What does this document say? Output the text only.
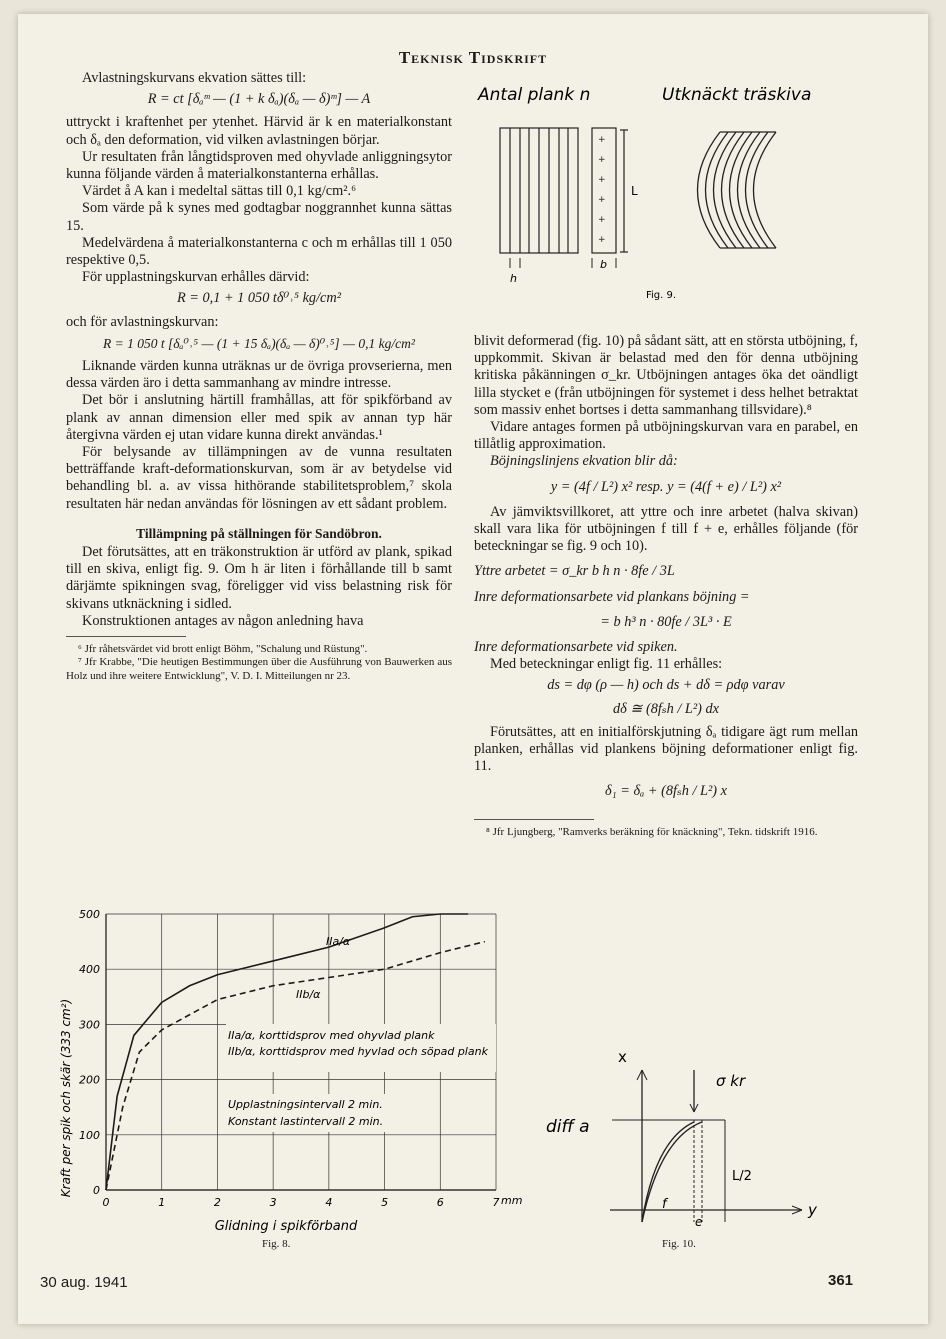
Teknisk Tidskrift

Avlastningskurvans ekvation sättes till:

R = ct [δₐᵐ — (1 + k δₐ)(δₐ — δ)ᵐ] — A

uttryckt i kraftenhet per ytenhet. Härvid är k en materialkonstant och δₐ den deformation, vid vilken avlastningen börjar.

Ur resultaten från långtidsproven med ohyvlade anliggningsytor kunna följande värden å materialkonstanterna erhållas.

Värdet å A kan i medeltal sättas till 0,1 kg/cm².⁶

Som värde på k synes med godtagbar noggrannhet kunna sättas 15.

Medelvärdena å materialkonstanterna c och m erhållas till 1 050 respektive 0,5.

För upplastningskurvan erhålles därvid:

R = 0,1 + 1 050 tδ⁰˒⁵ kg/cm²

och för avlastningskurvan:

R = 1 050 t [δₐ⁰˒⁵ — (1 + 15 δₐ)(δₐ — δ)⁰˒⁵] — 0,1 kg/cm²

Liknande värden kunna uträknas ur de övriga provserierna, men dessa värden äro i detta sammanhang av mindre intresse.

Det bör i anslutning härtill framhållas, att för spikförband av plank av annan dimension eller med spik av annan typ här återgivna värden ej utan vidare kunna direkt användas.¹

För belysande av tillämpningen av de vunna resultaten betträffande kraft-deformationskurvan, som är av betydelse vid behandling bl. a. av vissa hithörande stabilitetsproblem,⁷ skola resultaten här nedan användas för lösningen av ett sådant problem.

Tillämpning på ställningen för Sandöbron.

Det förutsättes, att en träkonstruktion är utförd av plank, spikad till en skiva, enligt fig. 9. Om h är liten i förhållande till b samt därjämte spikningen svag, föreligger vid viss belastning risk för skivans utknäckning i sidled.

Konstruktionen antages av någon anledning hava

⁶ Jfr råhetsvärdet vid brott enligt Böhm, "Schalung und Rüstung".

⁷ Jfr Krabbe, "Die heutigen Bestimmungen über die Ausführung von Bauwerken aus Holz und ihre weitere Entwicklung", V. D. I. Mitteilungen nr 23.

500
400
300
200
100
0
0	1	2	3	4	5	6	7
Glidning i spikförband
mm
Kraft per spik och skär (333 cm²)
IIa/α
IIb/α
IIa/α, korttidsprov med ohyvlad plank
IIb/α, korttidsprov med hyvlad och söpad plank
Upplastningsintervall 2 min.
Konstant lastintervall 2 min.
Fig. 8.
Antal plank n	Utknäckt träskiva
+
+
+
+
+
+
L
h
b
Fig. 9.

blivit deformerad (fig. 10) på sådant sätt, att en största utböjning, f, uppkommit. Skivan är belastad med den för denna utböjning kritiska påkänningen σ_kr. Utböjningen antages öka det oändligt lilla stycket e (från utböjningen för systemet i dess helhet betraktat som massiv enhet bortses i detta sammanhang tillsvidare).⁸

Vidare antages formen på utböjningskurvan vara en parabel, en tillåtlig approximation.

Böjningslinjens ekvation blir då:

y = (4f / L²) x² resp. y = (4(f + e) / L²) x²

Av jämviktsvillkoret, att yttre och inre arbetet (halva skivan) skall vara lika för utböjningen f till f + e, erhålles följande (för beteckningar se fig. 9 och 10).

Yttre arbetet = σ_kr b h n · 8fe / 3L

Inre deformationsarbete vid plankans böjning =

= b h³ n · 80fe / 3L³ · E

Inre deformationsarbete vid spiken.

Med beteckningar enligt fig. 11 erhålles:

ds = dφ (ρ — h) och ds + dδ = ρdφ varav
dδ ≅ (8fₛh / L²) dx

Förutsättes, att en initialförskjutning δₐ tidigare ägt rum mellan planken, erhållas vid plankens böjning deformationer enligt fig. 11.

δ₁ = δₐ + (8fₛh / L²) x

⁸ Jfr Ljungberg, "Ramverks beräkning för knäckning", Tekn. tidskrift 1916.

x
σ kr
diff a
L/2
y
f
e
Fig. 10.
30 aug. 1941	361
